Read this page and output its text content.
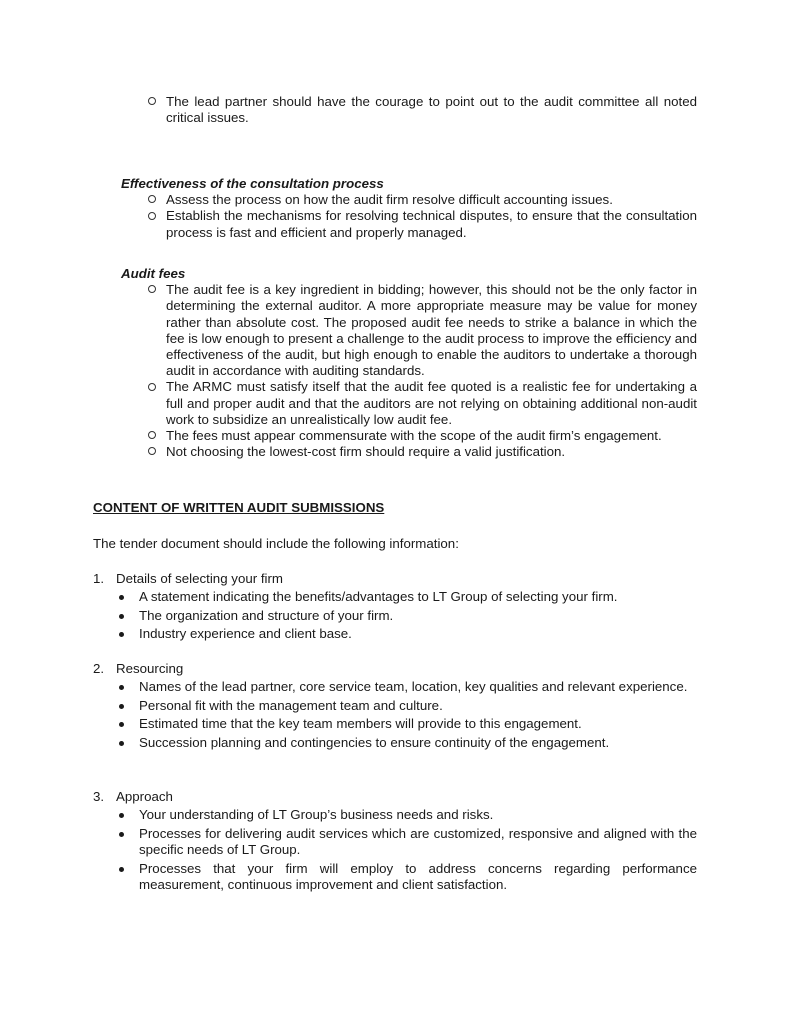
The lead partner should have the courage to point out to the audit committee all noted critical issues.
Effectiveness of the consultation process
Assess the process on how the audit firm resolve difficult accounting issues.
Establish the mechanisms for resolving technical disputes, to ensure that the consultation process is fast and efficient and properly managed.
Audit fees
The audit fee is a key ingredient in bidding; however, this should not be the only factor in determining the external auditor. A more appropriate measure may be value for money rather than absolute cost. The proposed audit fee needs to strike a balance in which the fee is low enough to present a challenge to the audit process to improve the efficiency and effectiveness of the audit, but high enough to enable the auditors to undertake a thorough audit in accordance with auditing standards.
The ARMC must satisfy itself that the audit fee quoted is a realistic fee for undertaking a full and proper audit and that the auditors are not relying on obtaining additional non-audit work to subsidize an unrealistically low audit fee.
The fees must appear commensurate with the scope of the audit firm’s engagement.
Not choosing the lowest-cost firm should require a valid justification.
CONTENT OF WRITTEN AUDIT SUBMISSIONS
The tender document should include the following information:
1. Details of selecting your firm
A statement indicating the benefits/advantages to LT Group of selecting your firm.
The organization and structure of your firm.
Industry experience and client base.
2. Resourcing
Names of the lead partner, core service team, location, key qualities and relevant experience.
Personal fit with the management team and culture.
Estimated time that the key team members will provide to this engagement.
Succession planning and contingencies to ensure continuity of the engagement.
3. Approach
Your understanding of LT Group’s business needs and risks.
Processes for delivering audit services which are customized, responsive and aligned with the specific needs of LT Group.
Processes that your firm will employ to address concerns regarding performance measurement, continuous improvement and client satisfaction.
